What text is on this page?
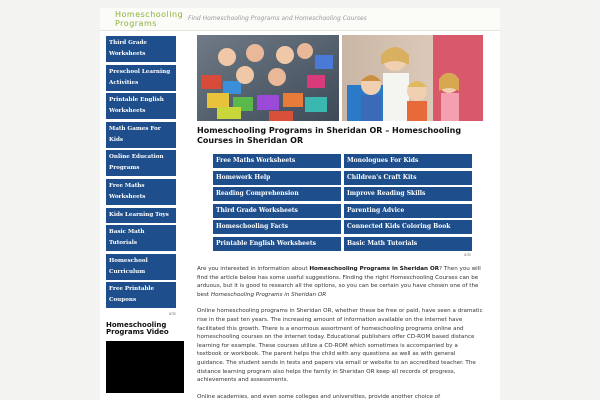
Homeschooling
Programs
Find Homeschooling Programs and Homeschooling Courses
Third Grade Worksheets
Preschool Learning Activities
Printable English Worksheets
Math Games For Kids
Online Education Programs
Free Maths Worksheets
Kids Learning Toys
Basic Math Tutorials
Homeschool Curriculum
Free Printable Coupons
ads
Homeschooling Programs Video
Homeschooling Programs in Sheridan OR – Homeschooling Courses in Sheridan OR
Free Maths Worksheets	Monologues For Kids
Homework Help	Children's Craft Kits
Reading Comprehension	Improve Reading Skills
Third Grade Worksheets	Parenting Advice
Homeschooling Facts	Connected Kids Coloring Book
Printable English Worksheets	Basic Math Tutorials
ads

Are you interested in information about Homeschooling Programs in Sheridan OR? Then you will find the article below has some useful suggestions. Finding the right Homeschooling Courses can be arduous, but it is good to research all the options, so you can be certain you have chosen one of the best Homeschooling Programs in Sheridan OR

Online homeschooling programs in Sheridan OR, whether these be free or paid, have seen a dramatic rise in the past ten years. The increasing amount of information available on the internet have facilitated this growth. There is a enormous assortment of homeschooling programs online and homeschooling courses on the internet today. Educational publishers offer CD-ROM based distance learning for example. These courses utilize a CD-ROM which sometimes is accompanied by a textbook or workbook. The parent helps the child with any questions as well as with general guidance. The student sends in tests and papers via email or website to an accredited teacher. The distance learning program also helps the family in Sheridan OR keep all records of progress, achievements and assessments.

Online academies, and even some colleges and universities, provide another choice of
